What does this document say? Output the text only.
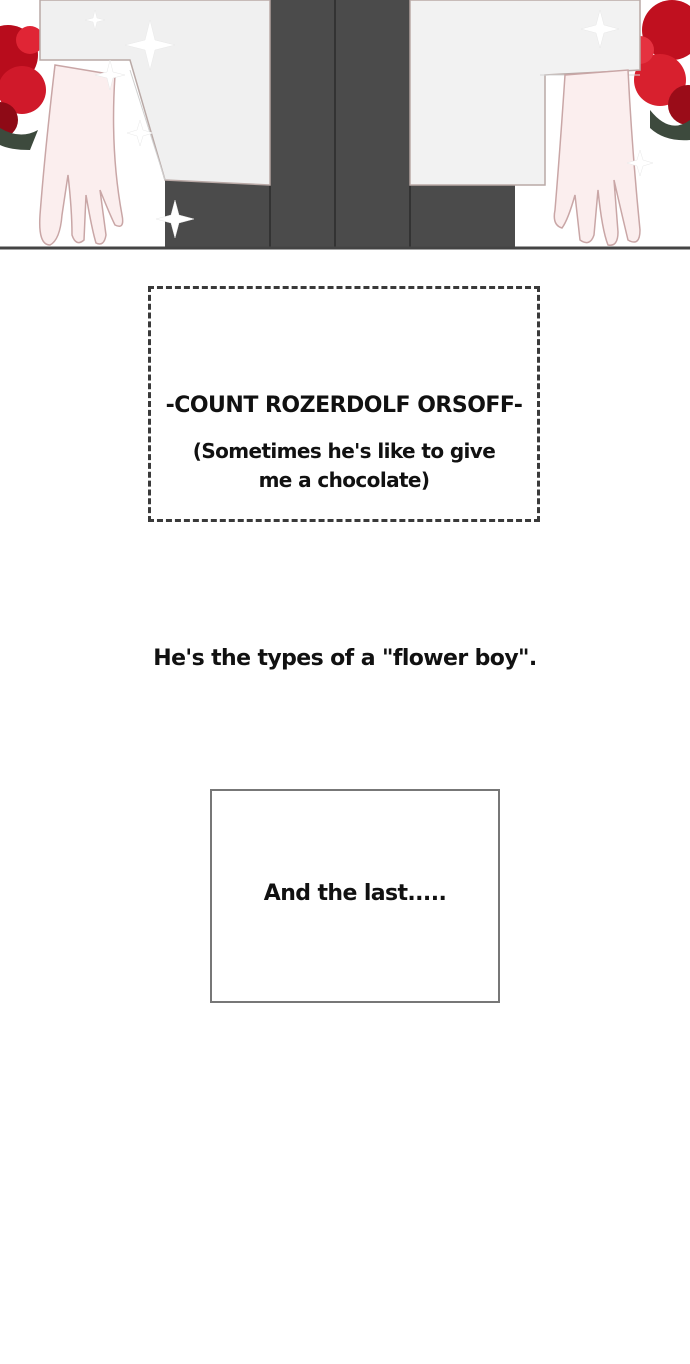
-COUNT ROZERDOLF ORSOFF-
(Sometimes he's like to give
me a chocolate)
He's the types of a "flower boy".
And the last.....
